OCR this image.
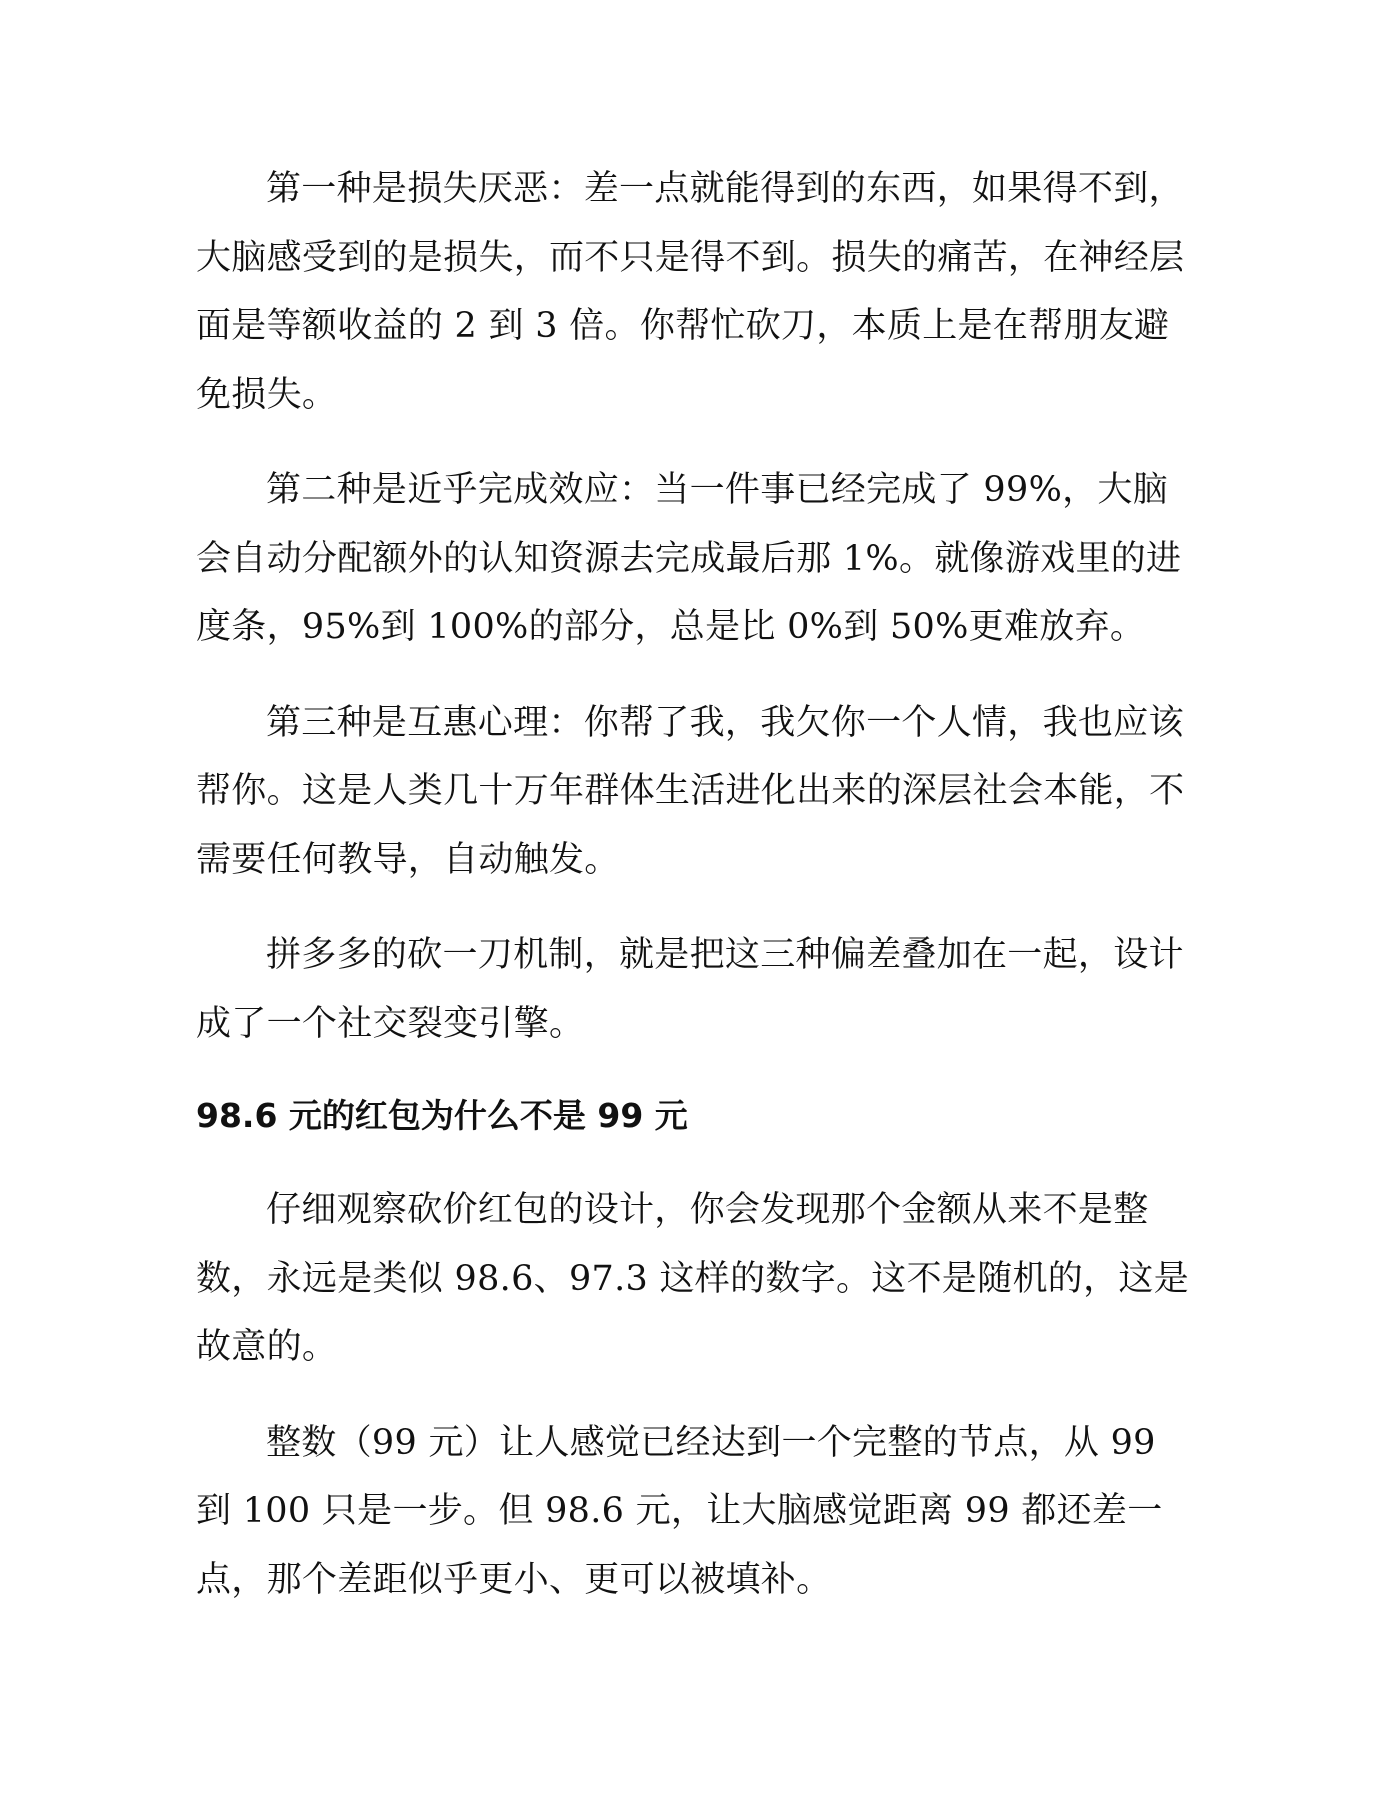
第一种是损失厌恶：差一点就能得到的东西，如果得不到，大脑感受到的是损失，而不只是得不到。损失的痛苦，在神经层面是等额收益的 2 到 3 倍。你帮忙砍刀，本质上是在帮朋友避免损失。

第二种是近乎完成效应：当一件事已经完成了 99%，大脑会自动分配额外的认知资源去完成最后那 1%。就像游戏里的进度条，95%到 100%的部分，总是比 0%到 50%更难放弃。

第三种是互惠心理：你帮了我，我欠你一个人情，我也应该帮你。这是人类几十万年群体生活进化出来的深层社会本能，不需要任何教导，自动触发。

拼多多的砍一刀机制，就是把这三种偏差叠加在一起，设计成了一个社交裂变引擎。

98.6 元的红包为什么不是 99 元

仔细观察砍价红包的设计，你会发现那个金额从来不是整数，永远是类似 98.6、97.3 这样的数字。这不是随机的，这是故意的。

整数（99 元）让人感觉已经达到一个完整的节点，从 99 到 100 只是一步。但 98.6 元，让大脑感觉距离 99 都还差一点，那个差距似乎更小、更可以被填补。
